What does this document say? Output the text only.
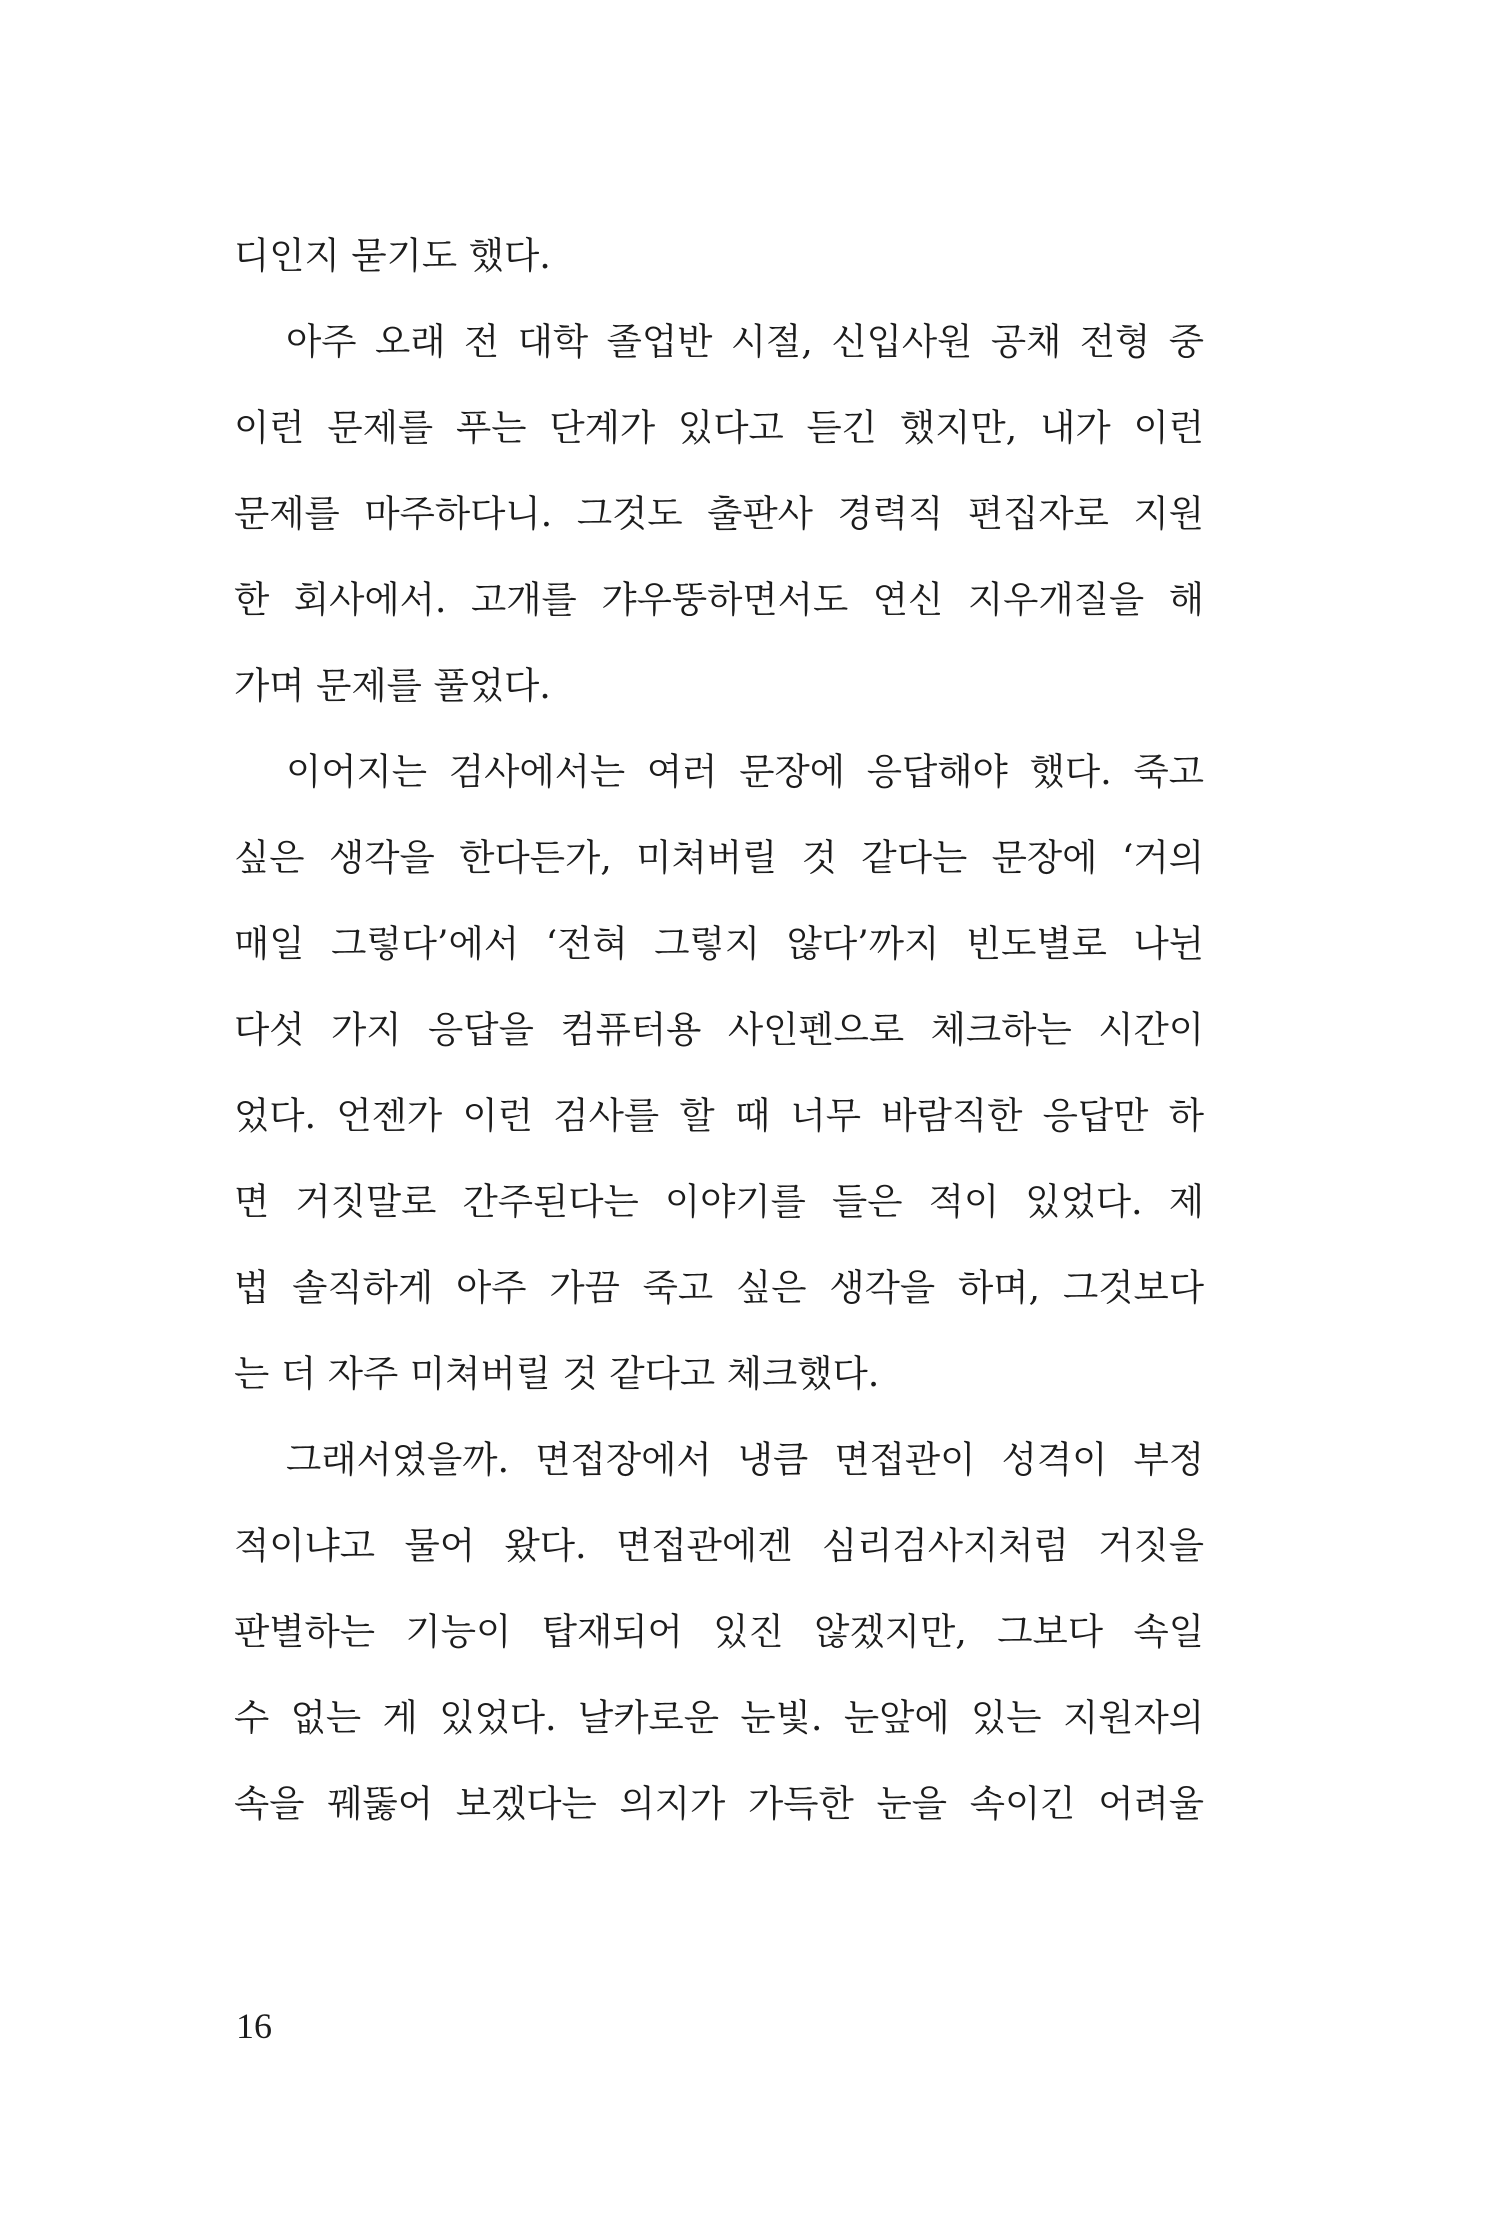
디인지 묻기도 했다.
아주 오래 전 대학 졸업반 시절, 신입사원 공채 전형 중
이런 문제를 푸는 단계가 있다고 듣긴 했지만, 내가 이런
문제를 마주하다니. 그것도 출판사 경력직 편집자로 지원
한 회사에서. 고개를 갸우뚱하면서도 연신 지우개질을 해
가며 문제를 풀었다.
이어지는 검사에서는 여러 문장에 응답해야 했다. 죽고
싶은 생각을 한다든가, 미쳐버릴 것 같다는 문장에 ‘거의
매일 그렇다’에서 ‘전혀 그렇지 않다’까지 빈도별로 나뉜
다섯 가지 응답을 컴퓨터용 사인펜으로 체크하는 시간이
었다. 언젠가 이런 검사를 할 때 너무 바람직한 응답만 하
면 거짓말로 간주된다는 이야기를 들은 적이 있었다. 제
법 솔직하게 아주 가끔 죽고 싶은 생각을 하며, 그것보다
는 더 자주 미쳐버릴 것 같다고 체크했다.
그래서였을까. 면접장에서 냉큼 면접관이 성격이 부정
적이냐고 물어 왔다. 면접관에겐 심리검사지처럼 거짓을
판별하는 기능이 탑재되어 있진 않겠지만, 그보다 속일
수 없는 게 있었다. 날카로운 눈빛. 눈앞에 있는 지원자의
속을 꿰뚫어 보겠다는 의지가 가득한 눈을 속이긴 어려울
16
